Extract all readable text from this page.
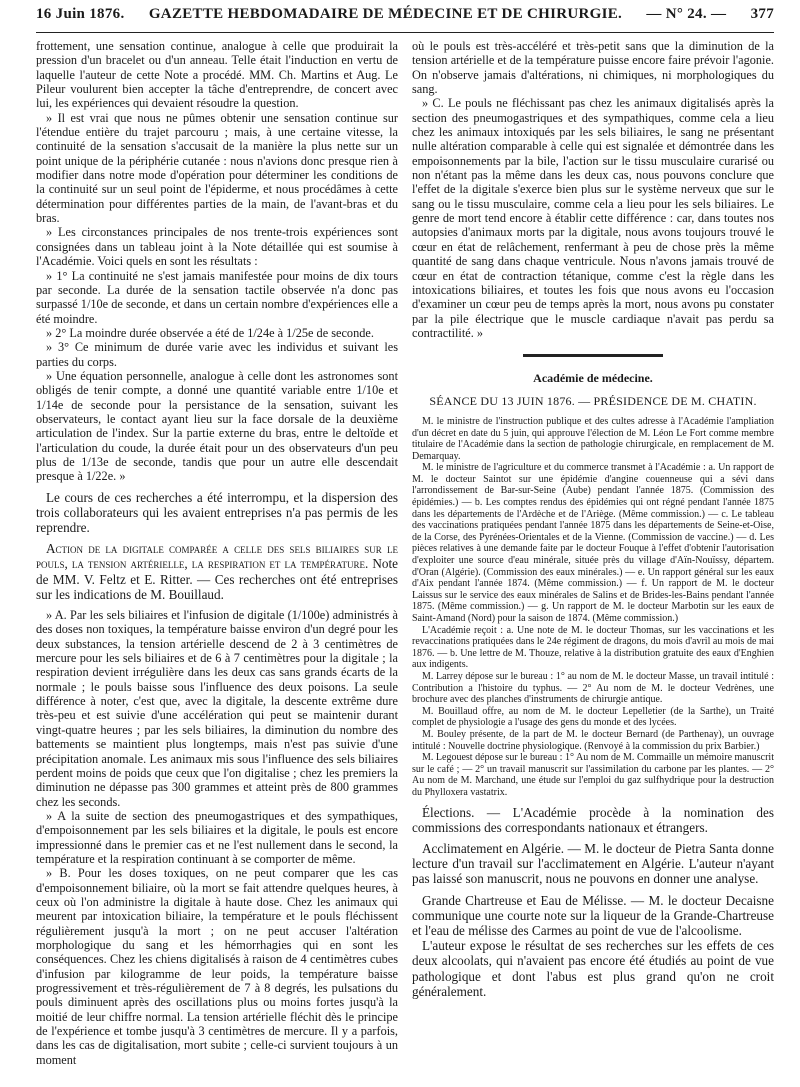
16 Juin 1876. GAZETTE HEBDOMADAIRE DE MÉDECINE ET DE CHIRURGIE. — N° 24. — 377

frottement, une sensation continue, analogue à celle que produirait la pression d'un bracelet ou d'un anneau. Telle était l'induction en vertu de laquelle l'auteur de cette Note a procédé. MM. Ch. Martins et Aug. Le Pileur voulurent bien accepter la tâche d'entreprendre, de concert avec lui, les expériences qui devaient résoudre la question.

» Il est vrai que nous ne pûmes obtenir une sensation continue sur l'étendue entière du trajet parcouru ; mais, à une certaine vitesse, la continuité de la sensation s'accusait de la manière la plus nette sur un point unique de la périphérie cutanée : nous n'avions donc presque rien à modifier dans notre mode d'opération pour déterminer les conditions de la continuité sur un seul point de l'épiderme, et nous procédâmes à cette détermination pour différentes parties de la main, de l'avant-bras et du bras.

» Les circonstances principales de nos trente-trois expériences sont consignées dans un tableau joint à la Note détaillée qui est soumise à l'Académie. Voici quels en sont les résultats :

» 1° La continuité ne s'est jamais manifestée pour moins de dix tours par seconde. La durée de la sensation tactile observée n'a donc pas surpassé 1/10e de seconde, et dans un certain nombre d'expériences elle a été moindre.

» 2° La moindre durée observée a été de 1/24e à 1/25e de seconde.

» 3° Ce minimum de durée varie avec les individus et suivant les parties du corps.

» Une équation personnelle, analogue à celle dont les astronomes sont obligés de tenir compte, a donné une quantité variable entre 1/10e et 1/14e de seconde pour la persistance de la sensation, suivant les observateurs, le contact ayant lieu sur la face dorsale de la deuxième articulation de l'index. Sur la partie externe du bras, entre le deltoïde et l'articulation du coude, la durée était pour un des observateurs d'un peu plus de 1/13e de seconde, tandis que pour un autre elle descendait presque à 1/22e. »

Le cours de ces recherches a été interrompu, et la dispersion des trois collaborateurs qui les avaient entreprises n'a pas permis de les reprendre.

Action de la digitale comparée a celle des sels biliaires sur le pouls, la tension artérielle, la respiration et la température. Note de MM. V. Feltz et E. Ritter. — Ces recherches ont été entreprises sur les indications de M. Bouillaud.

» A. Par les sels biliaires et l'infusion de digitale (1/100e) administrés à des doses non toxiques, la température baisse environ d'un degré pour les deux substances, la tension artérielle descend de 2 à 3 centimètres de mercure pour les sels biliaires et de 6 à 7 centimètres pour la digitale ; la respiration devient irrégulière dans les deux cas sans grands écarts de la normale ; le pouls baisse sous l'influence des deux poisons. La seule différence à noter, c'est que, avec la digitale, la descente extrême dure très-peu et est suivie d'une accélération qui peut se maintenir durant vingt-quatre heures ; par les sels biliaires, la diminution du nombre des battements se maintient plus longtemps, mais n'est pas suivie d'une précipitation anomale. Les animaux mis sous l'influence des sels biliaires perdent moins de poids que ceux que l'on digitalise ; chez les premiers la diminution ne dépasse pas 300 grammes et atteint près de 800 grammes chez les seconds.

» A la suite de section des pneumogastriques et des sympathiques, d'empoisonnement par les sels biliaires et la digitale, le pouls est encore impressionné dans le premier cas et ne l'est nullement dans le second, la température et la respiration continuant à se comporter de même.

» B. Pour les doses toxiques, on ne peut comparer que les cas d'empoisonnement biliaire, où la mort se fait attendre quelques heures, à ceux où l'on administre la digitale à haute dose. Chez les animaux qui meurent par intoxication biliaire, la température et le pouls fléchissent régulièrement jusqu'à la mort ; on ne peut accuser l'altération morphologique du sang et les hémorrhagies qui en sont les conséquences. Chez les chiens digitalisés à raison de 4 centimètres cubes d'infusion par kilogramme de leur poids, la température baisse progressivement et très-régulièrement de 7 à 8 degrés, les pulsations du pouls diminuent après des oscillations plus ou moins fortes jusqu'à la moitié de leur chiffre normal. La tension artérielle fléchit dès le principe de l'expérience et tombe jusqu'à 3 centimètres de mercure. Il y a parfois, dans les cas de digitalisation, mort subite ; celle-ci survient toujours à un moment

où le pouls est très-accéléré et très-petit sans que la diminution de la tension artérielle et de la température puisse encore faire prévoir l'agonie. On n'observe jamais d'altérations, ni chimiques, ni morphologiques du sang.

» C. Le pouls ne fléchissant pas chez les animaux digitalisés après la section des pneumogastriques et des sympathiques, comme cela a lieu chez les animaux intoxiqués par les sels biliaires, le sang ne présentant nulle altération comparable à celle qui est signalée et démontrée dans les empoisonnements par la bile, l'action sur le tissu musculaire curarisé ou non n'étant pas la même dans les deux cas, nous pouvons conclure que l'effet de la digitale s'exerce bien plus sur le système nerveux que sur le sang ou le tissu musculaire, comme cela a lieu pour les sels biliaires. Le genre de mort tend encore à établir cette différence : car, dans toutes nos autopsies d'animaux morts par la digitale, nous avons toujours trouvé le cœur en état de relâchement, renfermant à peu de chose près la même quantité de sang dans chaque ventricule. Nous n'avons jamais trouvé de cœur en état de contraction tétanique, comme c'est la règle dans les intoxications biliaires, et toutes les fois que nous avons eu l'occasion d'examiner un cœur peu de temps après la mort, nous avons pu constater par la pile électrique que le muscle cardiaque n'avait pas perdu sa contractilité. »

Académie de médecine.
SÉANCE DU 13 JUIN 1876. — PRÉSIDENCE DE M. CHATIN.

M. le ministre de l'instruction publique et des cultes adresse à l'Académie l'ampliation d'un décret en date du 5 juin, qui approuve l'élection de M. Léon Le Fort comme membre titulaire de l'Académie dans la section de pathologie chirurgicale, en remplacement de M. Demarquay.

M. le ministre de l'agriculture et du commerce transmet à l'Académie : a. Un rapport de M. le docteur Saintot sur une épidémie d'angine couenneuse qui a sévi dans l'arrondissement de Bar-sur-Seine (Aube) pendant l'année 1875. (Commission des épidémies.) — b. Les comptes rendus des épidémies qui ont régné pendant l'année 1875 dans les départements de l'Ardèche et de l'Ariège. (Même commission.) — c. Le tableau des vaccinations pratiquées pendant l'année 1875 dans les départements de Seine-et-Oise, de la Corse, des Pyrénées-Orientales et de la Vienne. (Commission de vaccine.) — d. Les pièces relatives à une demande faite par le docteur Fouque à l'effet d'obtenir l'autorisation d'exploiter une source d'eau minérale, située près du village d'Aïn-Nouïssy, départem. d'Oran (Algérie). (Commission des eaux minérales.) — e. Un rapport général sur les eaux d'Aix pendant l'année 1874. (Même commission.) — f. Un rapport de M. le docteur Laissus sur le service des eaux minérales de Salins et de Brides-les-Bains pendant l'année 1875. (Même commission.) — g. Un rapport de M. le docteur Marbotin sur les eaux de Saint-Amand (Nord) pour la saison de 1874. (Même commission.)

L'Académie reçoit : a. Une note de M. le docteur Thomas, sur les vaccinations et les revaccinations pratiquées dans le 24e régiment de dragons, du mois d'avril au mois de mai 1876. — b. Une lettre de M. Thouze, relative à la distribution gratuite des eaux d'Enghien aux indigents.

M. Larrey dépose sur le bureau : 1° au nom de M. le docteur Masse, un travail intitulé : Contribution a l'histoire du typhus. — 2° Au nom de M. le docteur Vedrènes, une brochure avec des planches d'instruments de chirurgie antique.

M. Bouillaud offre, au nom de M. le docteur Lepelletier (de la Sarthe), un Traité complet de physiologie a l'usage des gens du monde et des lycées.

M. Bouley présente, de la part de M. le docteur Bernard (de Parthenay), un ouvrage intitulé : Nouvelle doctrine physiologique. (Renvoyé à la commission du prix Barbier.)

M. Legouest dépose sur le bureau : 1° Au nom de M. Commaille un mémoire manuscrit sur le café ; — 2° un travail manuscrit sur l'assimilation du carbone par les plantes. — 2° Au nom de M. Marchand, une étude sur l'emploi du gaz sulfhydrique pour la destruction du Phylloxera vastatrix.

Élections. — L'Académie procède à la nomination des commissions des correspondants nationaux et étrangers.

Acclimatement en Algérie. — M. le docteur de Pietra Santa donne lecture d'un travail sur l'acclimatement en Algérie. L'auteur n'ayant pas laissé son manuscrit, nous ne pouvons en donner une analyse.

Grande Chartreuse et Eau de Mélisse. — M. le docteur Decaisne communique une courte note sur la liqueur de la Grande-Chartreuse et l'eau de mélisse des Carmes au point de vue de l'alcoolisme.

L'auteur expose le résultat de ses recherches sur les effets de ces deux alcoolats, qui n'avaient pas encore été étudiés au point de vue pathologique et dont l'abus est plus grand qu'on ne croit généralement.
